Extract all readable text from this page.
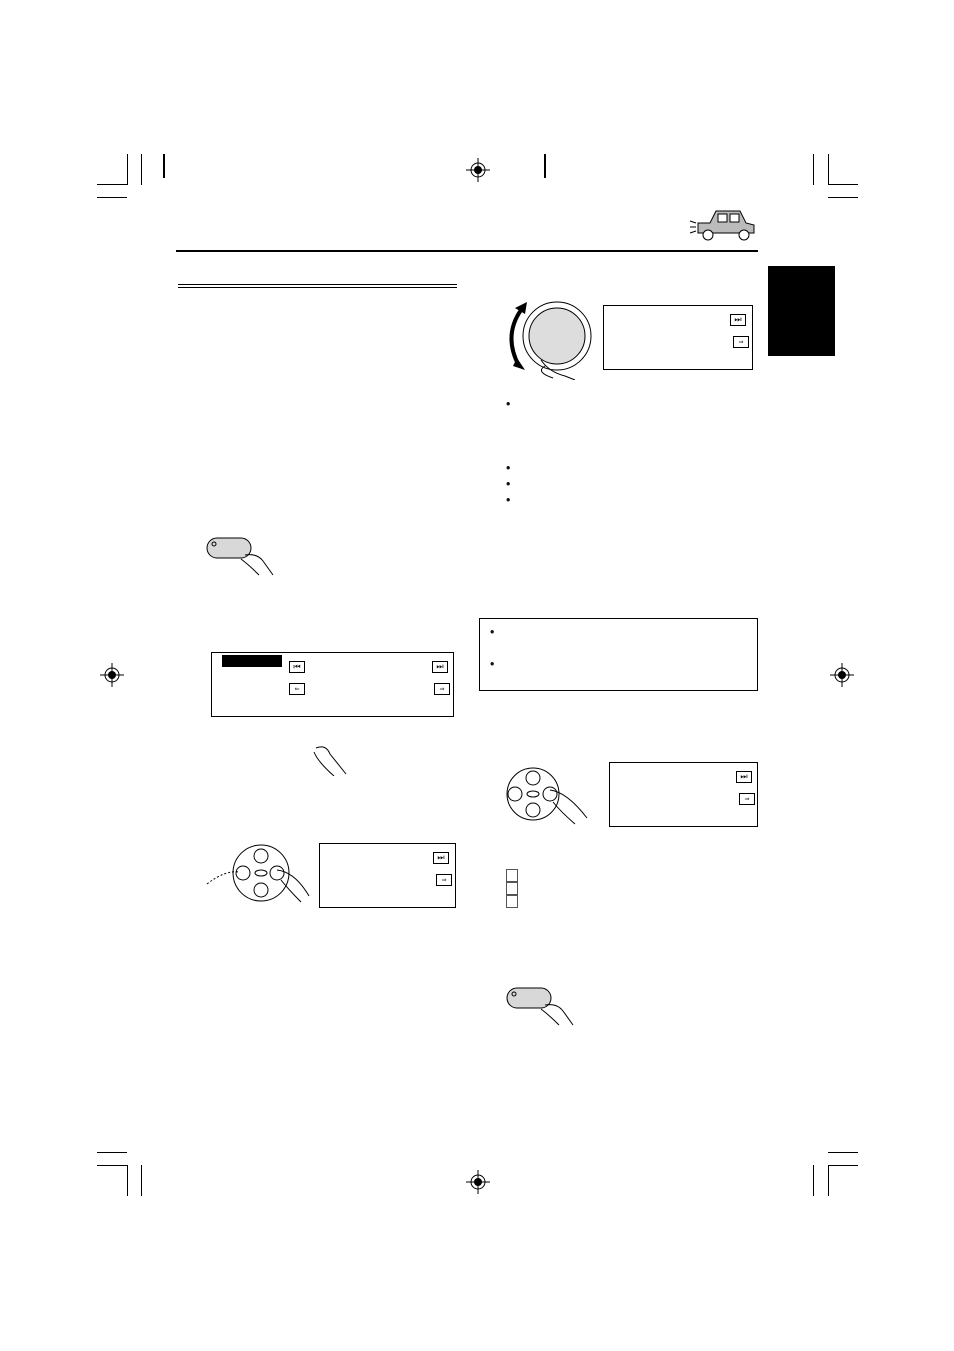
⏮	⏭
⇐	⇒
⏭
⇒
⏭
⇒
•
•
•
•
•
•
⏭
⇒
